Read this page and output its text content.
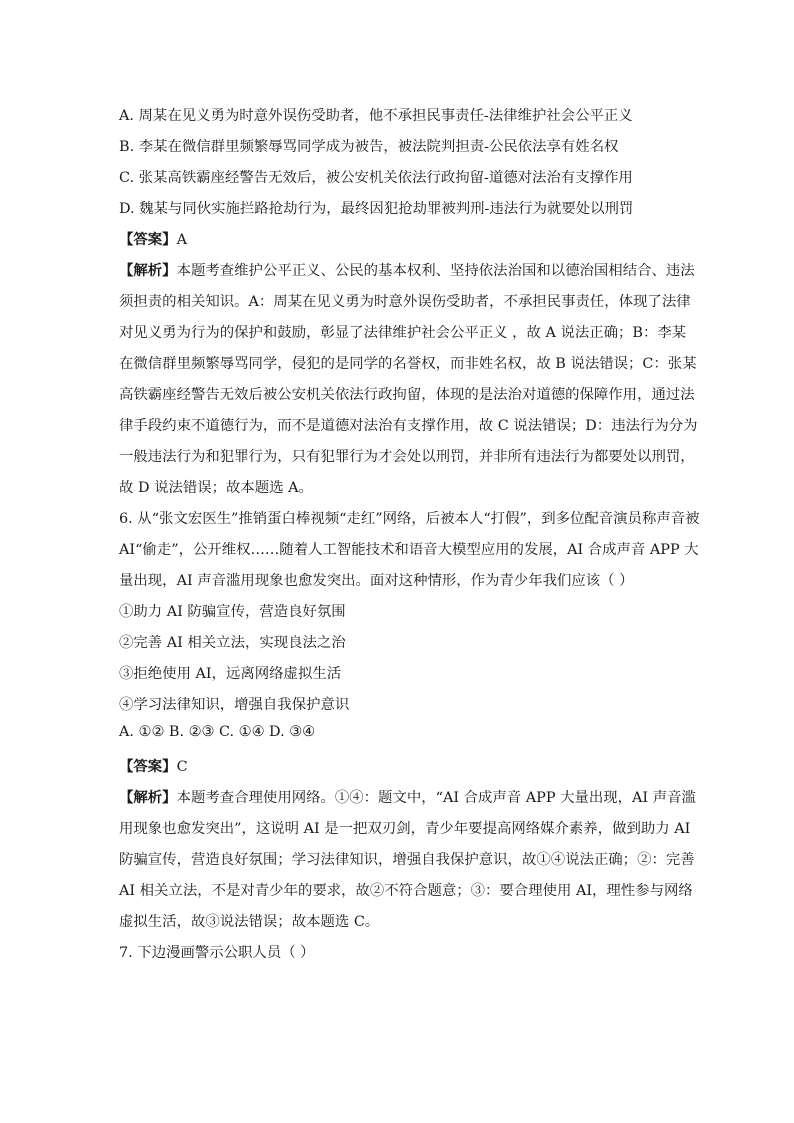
A. 周某在见义勇为时意外误伤受助者，他不承担民事责任-法律维护社会公平正义
B. 李某在微信群里频繁辱骂同学成为被告，被法院判担责-公民依法享有姓名权
C. 张某高铁霸座经警告无效后，被公安机关依法行政拘留-道德对法治有支撑作用
D. 魏某与同伙实施拦路抢劫行为，最终因犯抢劫罪被判刑-违法行为就要处以刑罚
【答案】A
【解析】本题考查维护公平正义、公民的基本权利、坚持依法治国和以德治国相结合、违法
须担责的相关知识。A：周某在见义勇为时意外误伤受助者，不承担民事责任，体现了法律
对见义勇为行为的保护和鼓励，彰显了法律维护社会公平正义 ，故 A 说法正确；B：李某
在微信群里频繁辱骂同学，侵犯的是同学的名誉权，而非姓名权，故 B 说法错误；C：张某
高铁霸座经警告无效后被公安机关依法行政拘留，体现的是法治对道德的保障作用，通过法
律手段约束不道德行为，而不是道德对法治有支撑作用，故 C 说法错误；D：违法行为分为
一般违法行为和犯罪行为，只有犯罪行为才会处以刑罚，并非所有违法行为都要处以刑罚，
故 D 说法错误；故本题选 A。
6. 从“张文宏医生”推销蛋白棒视频“走红”网络，后被本人“打假”，到多位配音演员称声音被
AI“偷走”，公开维权……随着人工智能技术和语音大模型应用的发展，AI 合成声音 APP 大
量出现，AI 声音滥用现象也愈发突出。面对这种情形，作为青少年我们应该（ ）
①助力 AI 防骗宣传，营造良好氛围
②完善 AI 相关立法，实现良法之治
③拒绝使用 AI，远离网络虚拟生活
④学习法律知识，增强自我保护意识
A. ①② B. ②③ C. ①④ D. ③④
【答案】C
【解析】本题考查合理使用网络。①④：题文中，“AI 合成声音 APP 大量出现，AI 声音滥
用现象也愈发突出”，这说明 AI 是一把双刃剑，青少年要提高网络媒介素养，做到助力 AI
防骗宣传，营造良好氛围；学习法律知识，增强自我保护意识，故①④说法正确；②：完善
AI 相关立法，不是对青少年的要求，故②不符合题意；③：要合理使用 AI，理性参与网络
虚拟生活，故③说法错误；故本题选 C。
7. 下边漫画警示公职人员（ ）
